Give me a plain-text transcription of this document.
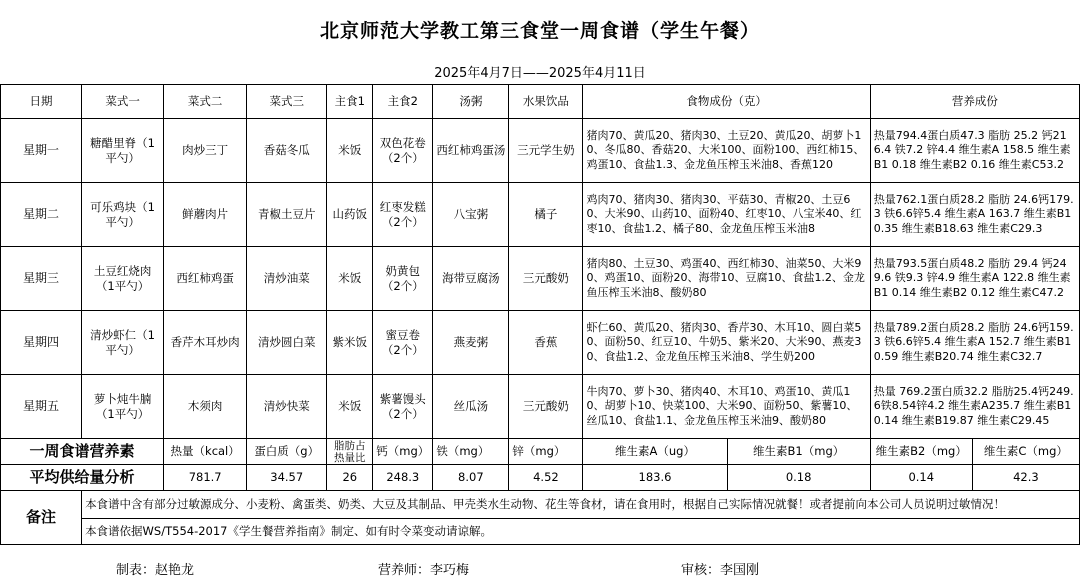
北京师范大学教工第三食堂一周食谱（学生午餐）
2025年4月7日——2025年4月11日
日期	菜式一	菜式二	菜式三	主食1	主食2	汤粥	水果饮品	食物成份（克）		营养成份	
星期一	糖醋里脊（1平勺）	肉炒三丁	香菇冬瓜	米饭	双色花卷（2个）	西红柿鸡蛋汤	三元学生奶	猪肉70、黄瓜20、猪肉30、土豆20、黄瓜20、胡萝卜10、冬瓜80、香菇20、大米100、面粉100、西红柿15、鸡蛋10、食盐1.3、金龙鱼压榨玉米油8、香蕉120		热量794.4蛋白质47.3 脂肪 25.2 钙216.4 铁7.2 锌4.4 维生素A 158.5 维生素B1 0.18 维生素B2 0.16 维生素C53.2	
星期二	可乐鸡块（1平勺）	鲜蘑肉片	青椒土豆片	山药饭	红枣发糕（2个）	八宝粥	橘子	鸡肉70、猪肉30、猪肉30、平菇30、青椒20、土豆60、大米90、山药10、面粉40、红枣10、八宝米40、红枣10、食盐1.2、橘子80、金龙鱼压榨玉米油8		热量762.1蛋白质28.2 脂肪 24.6钙179.3 铁6.6锌5.4 维生素A 163.7 维生素B10.35 维生素B18.63 维生素C29.3	
星期三	土豆红烧肉（1平勺）	西红柿鸡蛋	清炒油菜	米饭	奶黄包（2个）	海带豆腐汤	三元酸奶	猪肉80、土豆30、鸡蛋40、西红柿30、油菜50、大米90、鸡蛋10、面粉20、海带10、豆腐10、食盐1.2、金龙鱼压榨玉米油8、酸奶80		热量793.5蛋白质48.2 脂肪 29.4 钙249.6 铁9.3 锌4.9 维生素A 122.8 维生素B1 0.14 维生素B2 0.12 维生素C47.2	
星期四	清炒虾仁（1平勺）	香芹木耳炒肉	清炒圆白菜	紫米饭	蜜豆卷（2个）	燕麦粥	香蕉	虾仁60、黄瓜20、猪肉30、香芹30、木耳10、圆白菜50、面粉50、红豆10、牛奶5、紫米20、大米90、燕麦30、食盐1.2、金龙鱼压榨玉米油8、学生奶200		热量789.2蛋白质28.2 脂肪 24.6钙159.3 铁6.6锌5.4 维生素A 152.7 维生素B10.59 维生素B20.74 维生素C32.7	
星期五	萝卜炖牛腩（1平勺）	木须肉	清炒快菜	米饭	紫薯馒头（2个）	丝瓜汤	三元酸奶	牛肉70、萝卜30、猪肉40、木耳10、鸡蛋10、黄瓜10、胡萝卜10、快菜100、大米90、面粉50、紫薯10、丝瓜10、食盐1.1、金龙鱼压榨玉米油9、酸奶80		热量 769.2蛋白质32.2 脂肪25.4钙249.6铁8.54锌4.2 维生素A235.7 维生素B10.14 维生素B19.87 维生素C29.45	
一周食谱营养素		热量（kcal）	蛋白质（g）	脂肪占热量比	钙（mg）	铁（mg）	锌（mg）	维生素A（ug）	维生素B1（mg）	维生素B2（mg）	维生素C（mg）
平均供给量分析		781.7	34.57	26	248.3	8.07	4.52	183.6	0.18	0.14	42.3
备注	本食谱中含有部分过敏源成分、小麦粉、禽蛋类、奶类、大豆及其制品、甲壳类水生动物、花生等食材，请在食用时，根据自己实际情况就餐！或者提前向本公司人员说明过敏情况！										
	本食谱依据WS/T554-2017《学生餐营养指南》制定、如有时令菜变动请谅解。										
制表：赵艳龙	营养师：李巧梅	审核：李国刚
